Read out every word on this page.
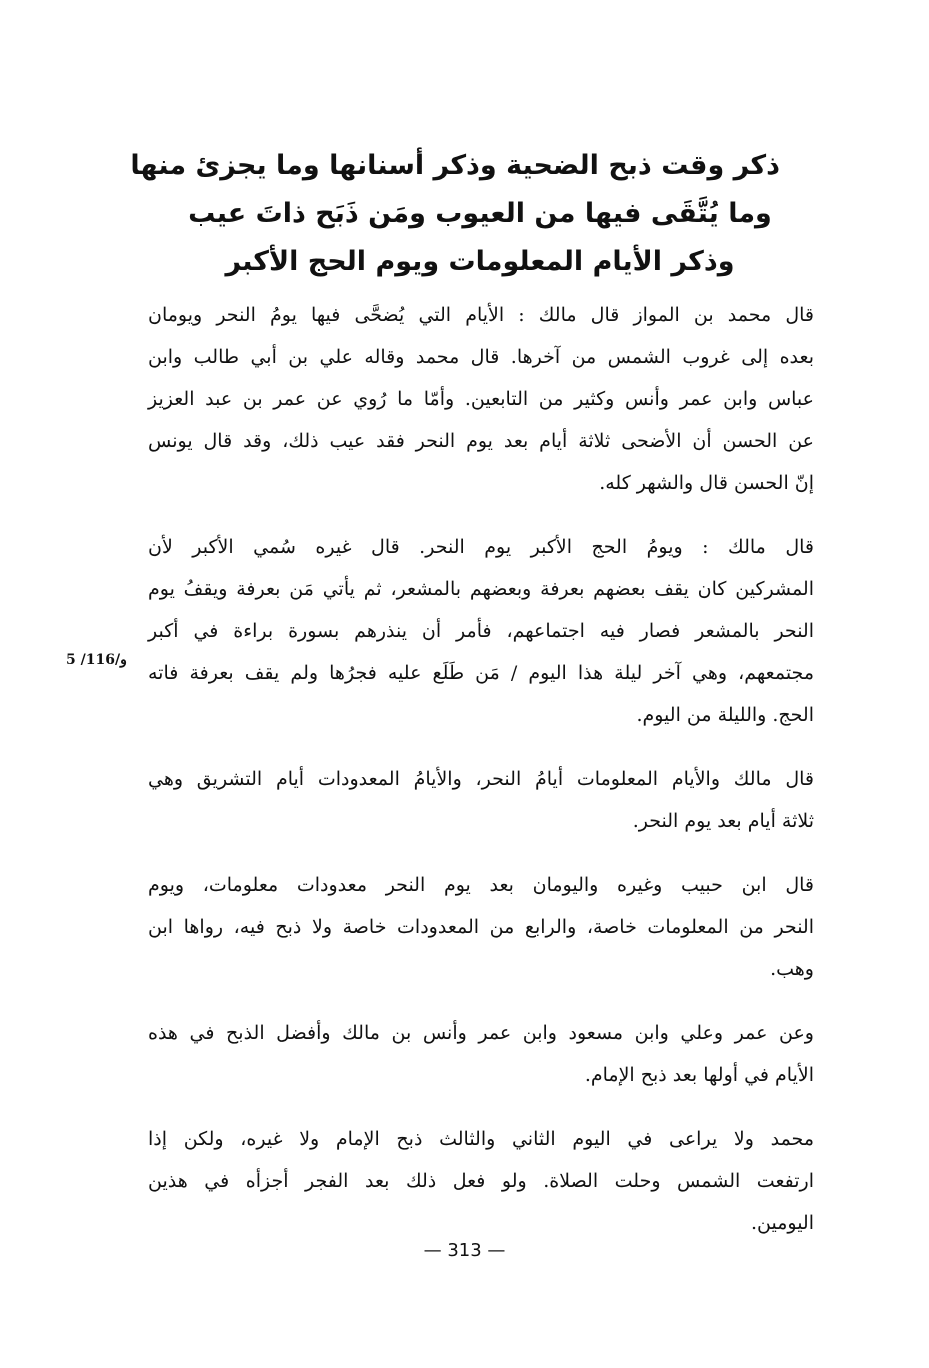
ذكر وقت ذبح الضحية وذكر أسنانها وما يجزئ منها
وما يُتَّقَى فيها من العيوب ومَن ذَبَح ذاتَ عيب
وذكر الأيام المعلومات ويوم الحج الأكبر
قال محمد بن المواز قال مالك : الأيام التي يُضحَّى فيها يومُ النحر ويومان
بعده إلى غروب الشمس من آخرها. قال محمد وقاله علي بن أبي طالب وابن
عباس وابن عمر وأنس وكثير من التابعين. وأمّا ما رُوي عن عمر بن عبد العزيز
عن الحسن أن الأضحى ثلاثة أيام بعد يوم النحر فقد عيب ذلك، وقد قال يونس
إنّ الحسن قال والشهر كله.
قال مالك : ويومُ الحج الأكبر يوم النحر. قال غيره سُمي الأكبر لأن
المشركين كان يقف بعضهم بعرفة وبعضهم بالمشعر، ثم يأتي مَن بعرفة ويقفُ يوم
النحر بالمشعر فصار فيه اجتماعهم، فأمر أن ينذرهم بسورة براءة في أكبر
مجتمعهم، وهي آخر ليلة هذا اليوم / مَن طَلَع عليه فجرُها ولم يقف بعرفة فاته
الحج. والليلة من اليوم.
قال مالك والأيام المعلومات أيامُ النحر، والأيامُ المعدودات أيام التشريق وهي
ثلاثة أيام بعد يوم النحر.
قال ابن حبيب وغيره واليومان بعد يوم النحر معدودات معلومات، ويوم
النحر من المعلومات خاصة، والرابع من المعدودات خاصة ولا ذبح فيه، رواها ابن
وهب.
وعن عمر وعلي وابن مسعود وابن عمر وأنس بن مالك وأفضل الذبح في هذه
الأيام في أولها بعد ذبح الإمام.
محمد ولا يراعى في اليوم الثاني والثالث ذبح الإمام ولا غيره، ولكن إذا
ارتفعت الشمس وحلت الصلاة. ولو فعل ذلك بعد الفجر أجزأه في هذين
اليومين.
5 /116/و
— 313 —
